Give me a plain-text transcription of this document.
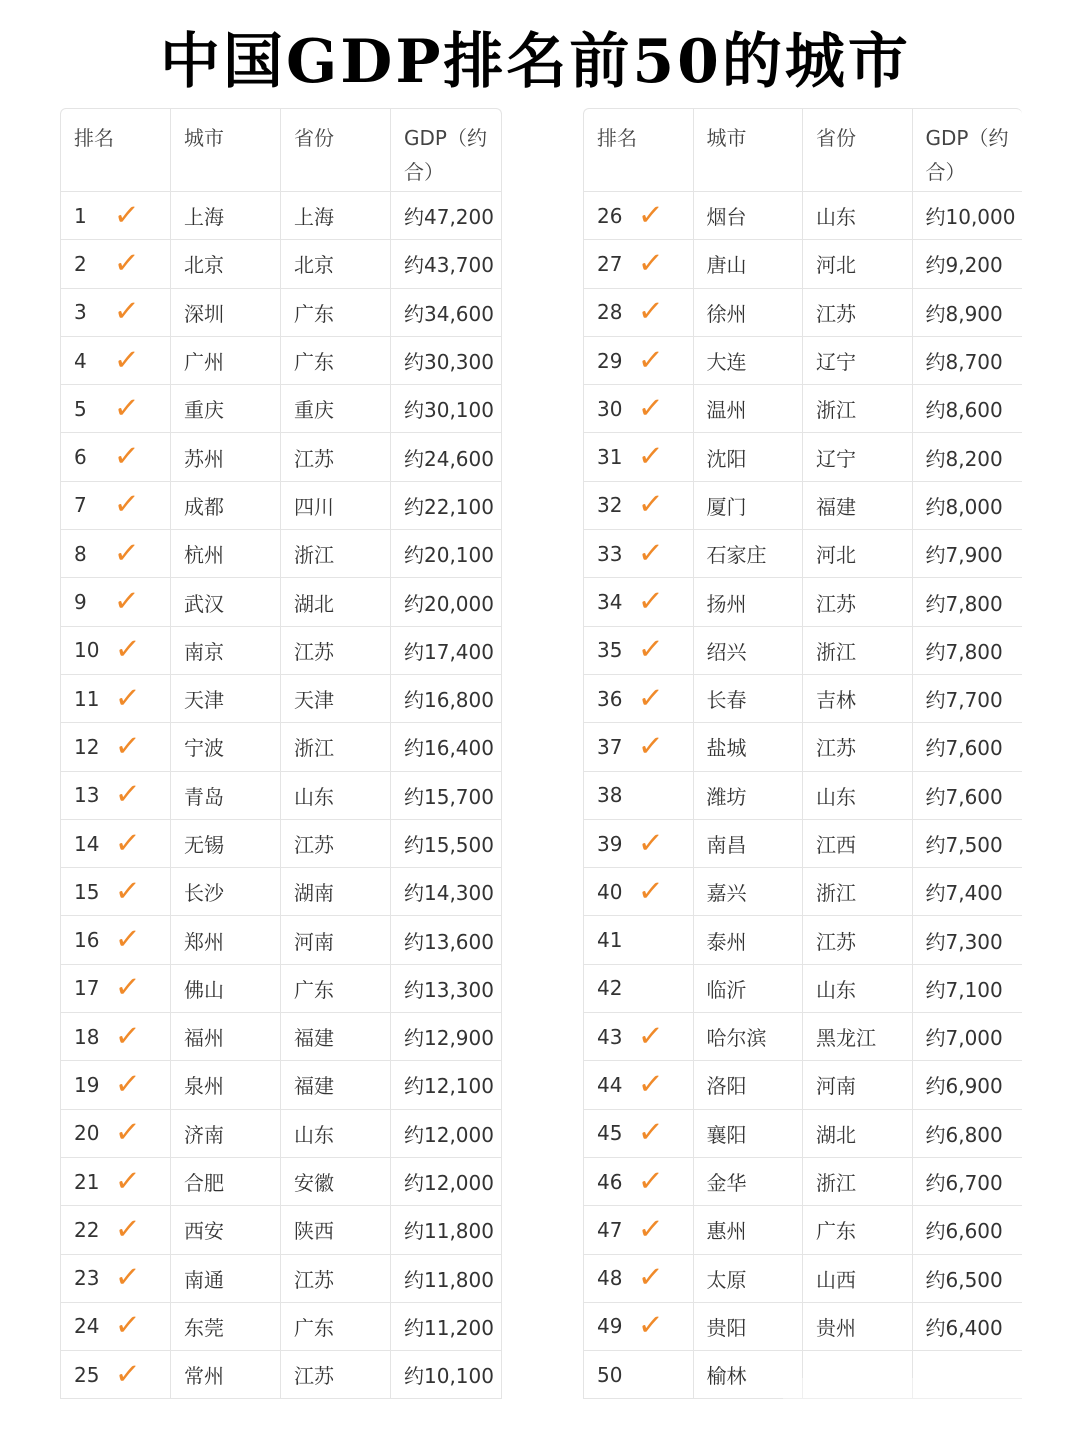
中国GDP排名前50的城市
排名	城市	省份	GDP（约合）
1 ✓	上海	上海	约47,200
2 ✓	北京	北京	约43,700
3 ✓	深圳	广东	约34,600
4 ✓	广州	广东	约30,300
5 ✓	重庆	重庆	约30,100
6 ✓	苏州	江苏	约24,600
7 ✓	成都	四川	约22,100
8 ✓	杭州	浙江	约20,100
9 ✓	武汉	湖北	约20,000
10 ✓	南京	江苏	约17,400
11 ✓	天津	天津	约16,800
12 ✓	宁波	浙江	约16,400
13 ✓	青岛	山东	约15,700
14 ✓	无锡	江苏	约15,500
15 ✓	长沙	湖南	约14,300
16 ✓	郑州	河南	约13,600
17 ✓	佛山	广东	约13,300
18 ✓	福州	福建	约12,900
19 ✓	泉州	福建	约12,100
20 ✓	济南	山东	约12,000
21 ✓	合肥	安徽	约12,000
22 ✓	西安	陕西	约11,800
23 ✓	南通	江苏	约11,800
24 ✓	东莞	广东	约11,200
25 ✓	常州	江苏	约10,100
排名	城市	省份	GDP（约合）
26 ✓	烟台	山东	约10,000
27 ✓	唐山	河北	约9,200
28 ✓	徐州	江苏	约8,900
29 ✓	大连	辽宁	约8,700
30 ✓	温州	浙江	约8,600
31 ✓	沈阳	辽宁	约8,200
32 ✓	厦门	福建	约8,000
33 ✓	石家庄	河北	约7,900
34 ✓	扬州	江苏	约7,800
35 ✓	绍兴	浙江	约7,800
36 ✓	长春	吉林	约7,700
37 ✓	盐城	江苏	约7,600
38	潍坊	山东	约7,600
39 ✓	南昌	江西	约7,500
40 ✓	嘉兴	浙江	约7,400
41	泰州	江苏	约7,300
42	临沂	山东	约7,100
43 ✓	哈尔滨	黑龙江	约7,000
44 ✓	洛阳	河南	约6,900
45 ✓	襄阳	湖北	约6,800
46 ✓	金华	浙江	约6,700
47 ✓	惠州	广东	约6,600
48 ✓	太原	山西	约6,500
49 ✓	贵阳	贵州	约6,400
50	榆林
